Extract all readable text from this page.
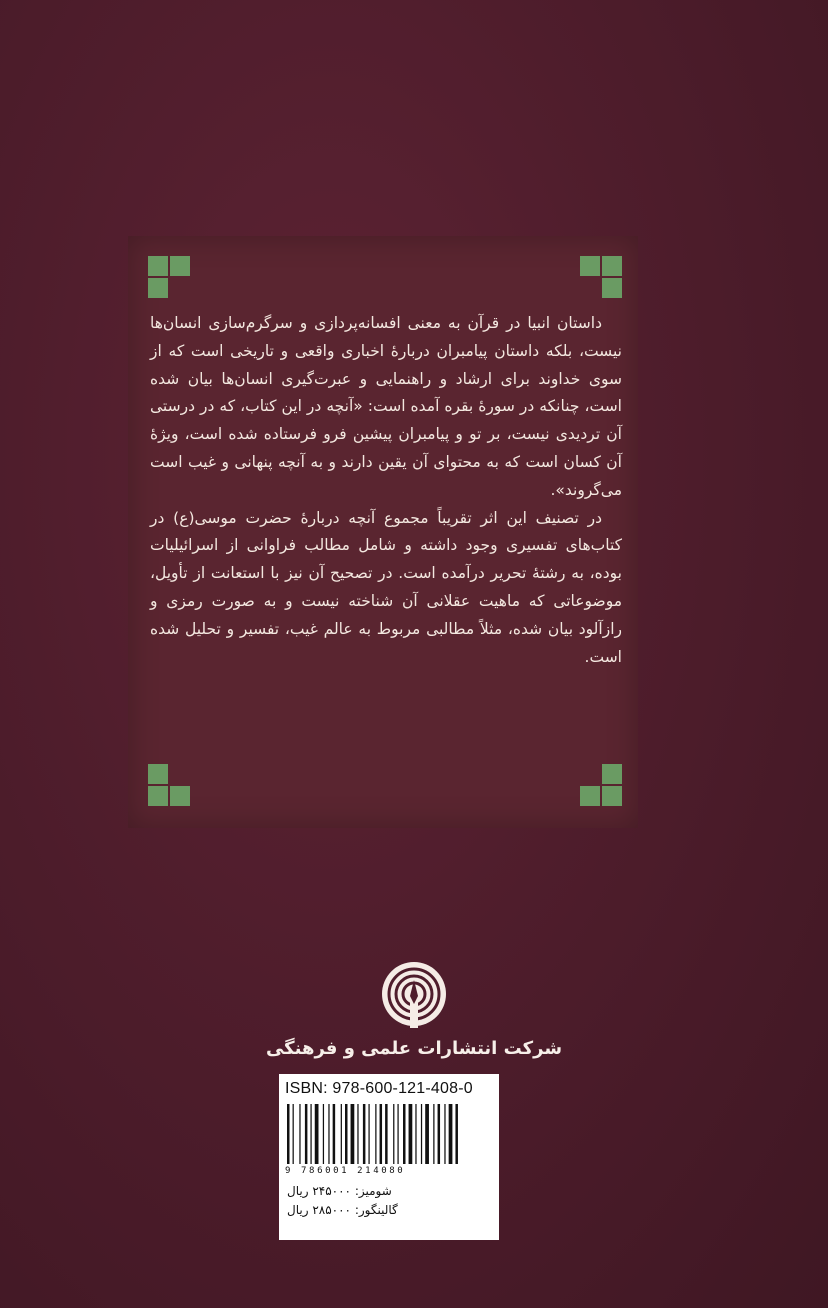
داستان انبیا در قرآن به معنی افسانه‌پردازی و سرگرم‌سازی انسان‌ها نیست، بلکه داستان پیامبران دربارهٔ اخباری واقعی و تاریخی است که از سوی خداوند برای ارشاد و راهنمایی و عبرت‌گیری انسان‌ها بیان شده است، چنانکه در سورهٔ بقره آمده است: «آنچه در این کتاب، که در درستی آن تردیدی نیست، بر تو و پیامبران پیشین فرو فرستاده شده است، ویژهٔ آن کسان است که به محتوای آن یقین دارند و به آنچه پنهانی و غیب است می‌گروند».

در تصنیف این اثر تقریباً مجموع آنچه دربارهٔ حضرت موسی(ع) در کتاب‌های تفسیری وجود داشته و شامل مطالب فراوانی از اسرائیلیات بوده، به رشتهٔ تحریر درآمده است. در تصحیح آن نیز با استعانت از تأویل، موضوعاتی که ماهیت عقلانی آن شناخته نیست و به صورت رمزی و رازآلود بیان شده، مثلاً مطالبی مربوط به عالم غیب، تفسیر و تحلیل شده است.

شرکت انتشارات علمی و فرهنگی
ISBN: 978-600-121-408-0
9 786001 214080
شومیز: ۲۴۵۰۰۰ ریال
گالینگور: ۲۸۵۰۰۰ ریال
